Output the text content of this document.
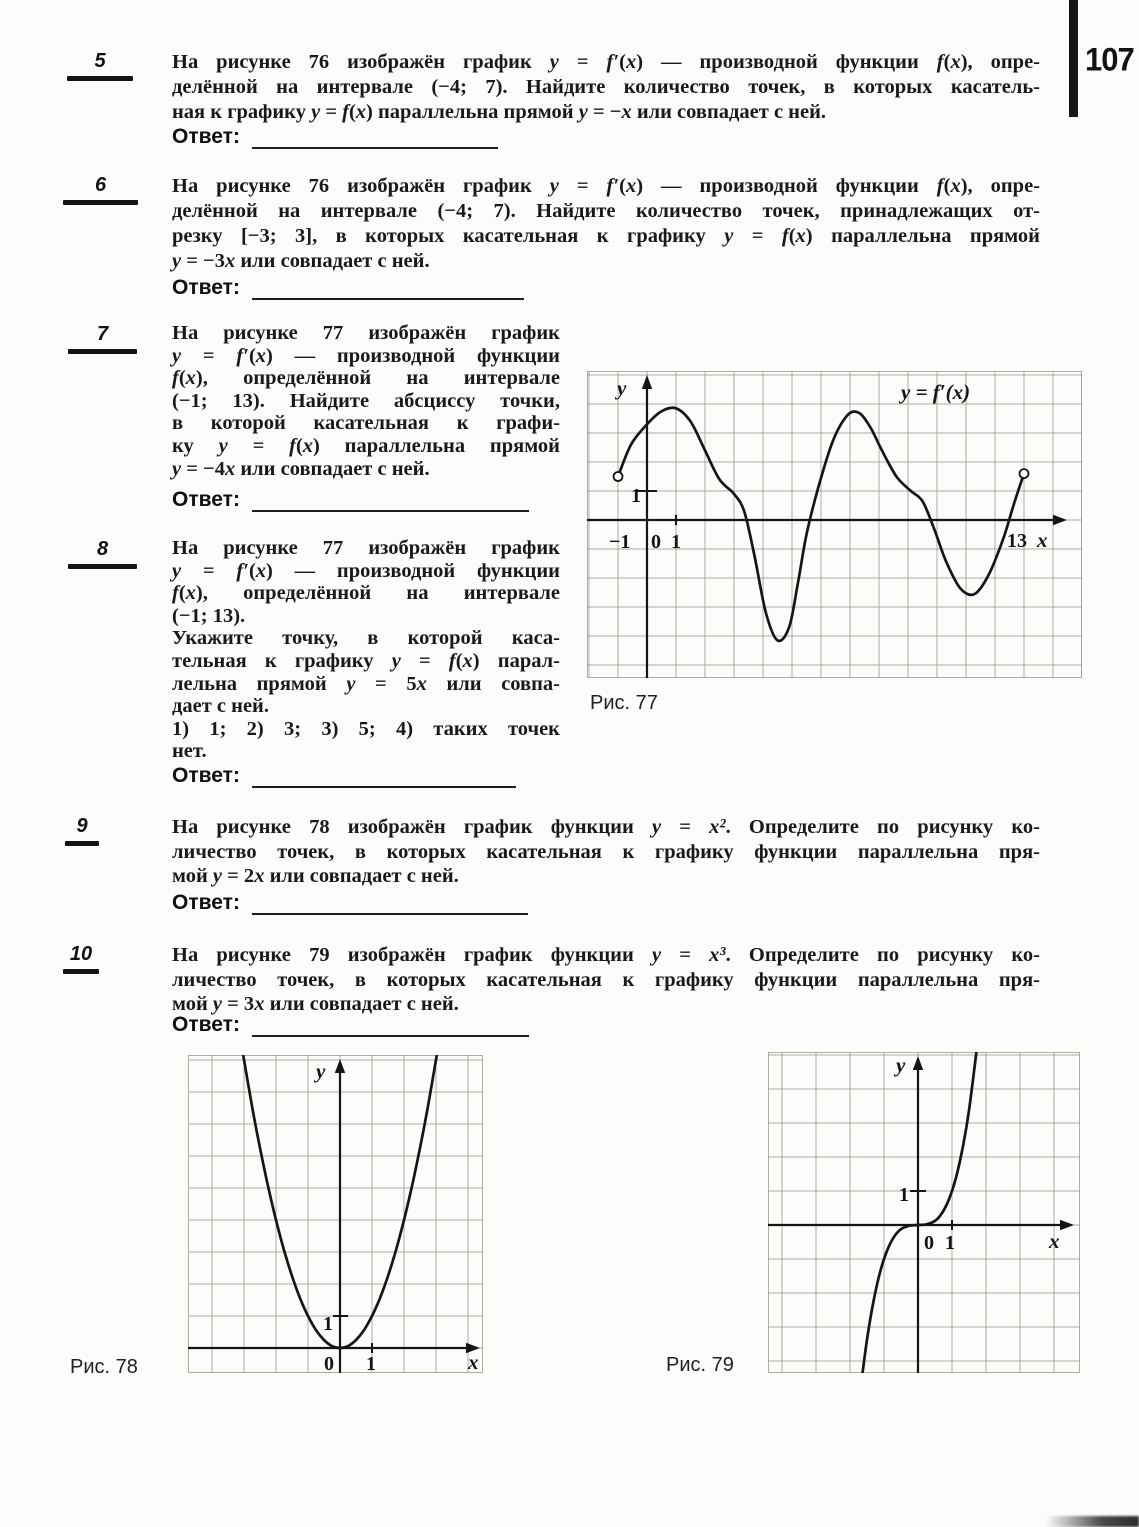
107
5	На рисунке 76 изображён график y = f′(x) — производной функции f(x), опре-
делённой на интервале (−4; 7). Найдите количество точек, в которых касатель-
ная к графику y = f(x) параллельна прямой y = −x или совпадает с ней.
Ответ:
6	На рисунке 76 изображён график y = f′(x) — производной функции f(x), опре-
делённой на интервале (−4; 7). Найдите количество точек, принадлежащих от-
резку [−3; 3], в которых касательная к графику y = f(x) параллельна прямой
y = −3x или совпадает с ней.
Ответ:
7	На рисунке 77 изображён график
y = f′(x) — производной функции
f(x), определённой на интервале
(−1; 13). Найдите абсциссу точки,
в которой касательная к графи-
ку y = f(x) параллельна прямой
y = −4x или совпадает с ней.
Ответ:
8	На рисунке 77 изображён график
y = f′(x) — производной функции
f(x), определённой на интервале
(−1; 13).
Укажите точку, в которой каса-
тельная к графику y = f(x) парал-
лельна прямой y = 5x или совпа-
дает с ней.
1) 1; 2) 3; 3) 5; 4) таких точек
нет.
Ответ:
y
x
y = f′(x)
1
−1 0 1	13
Рис. 77
9	На рисунке 78 изображён график функции y = x². Определите по рисунку ко-
личество точек, в которых касательная к графику функции параллельна пря-
мой y = 2x или совпадает с ней.
Ответ:
10	На рисунке 79 изображён график функции y = x³. Определите по рисунку ко-
личество точек, в которых касательная к графику функции параллельна пря-
мой y = 3x или совпадает с ней.
Ответ:
y
x
1
0 1
Рис. 78
y
x
1
0 1
Рис. 79
